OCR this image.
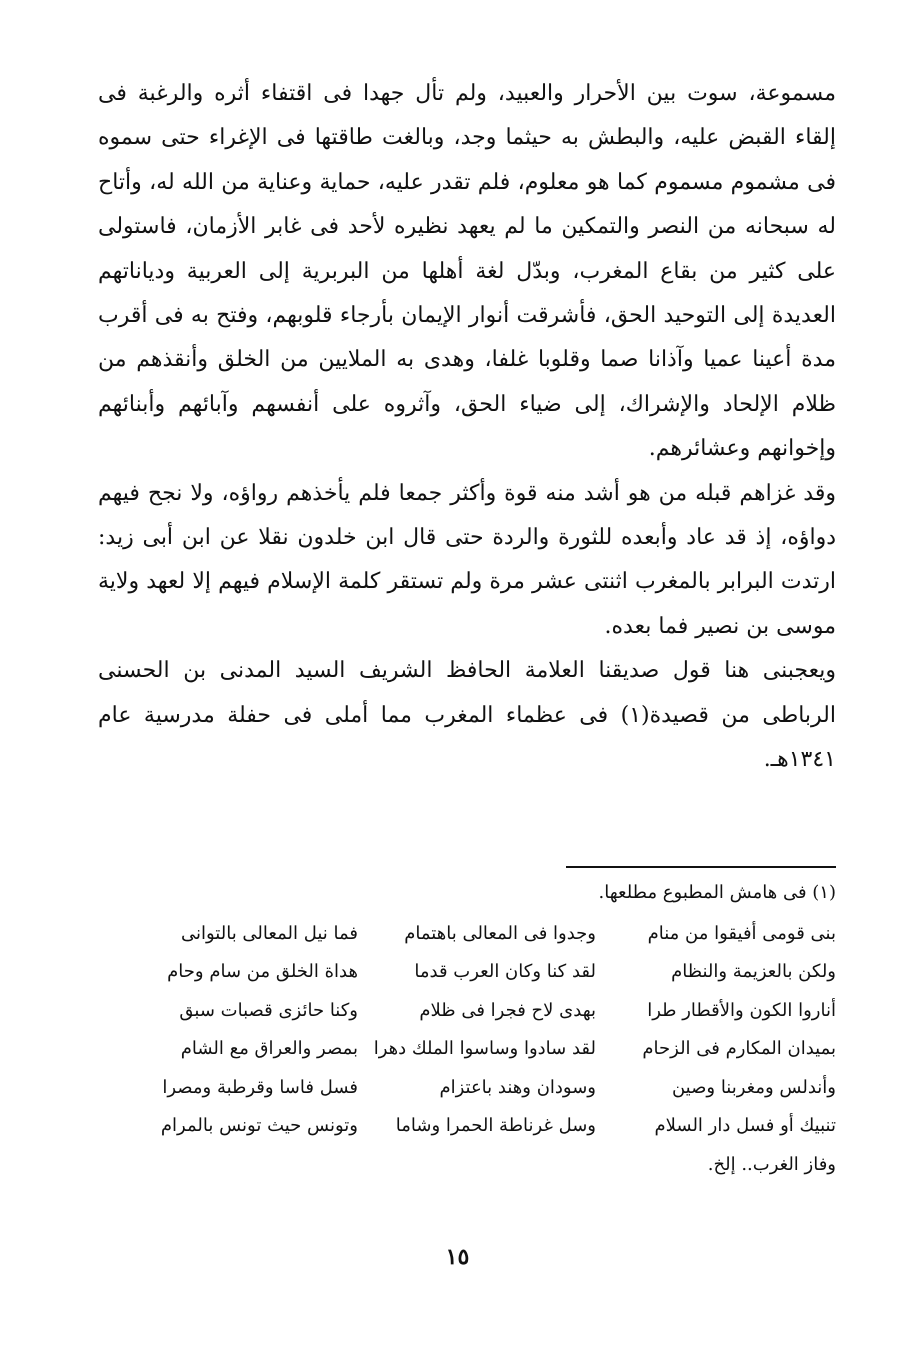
مسموعة، سوت بين الأحرار والعبيد، ولم تأل جهدا فى اقتفاء أثره والرغبة فى إلقاء القبض عليه، والبطش به حيثما وجد، وبالغت طاقتها فى الإغراء حتى سموه فى مشموم مسموم كما هو معلوم، فلم تقدر عليه، حماية وعناية من الله له، وأتاح له سبحانه من النصر والتمكين ما لم يعهد نظيره لأحد فى غابر الأزمان، فاستولى على كثير من بقاع المغرب، وبدّل لغة أهلها من البربرية إلى العربية ودياناتهم العديدة إلى التوحيد الحق، فأشرقت أنوار الإيمان بأرجاء قلوبهم، وفتح به فى أقرب مدة أعينا عميا وآذانا صما وقلوبا غلفا، وهدى به الملايين من الخلق وأنقذهم من ظلام الإلحاد والإشراك، إلى ضياء الحق، وآثروه على أنفسهم وآبائهم وأبنائهم وإخوانهم وعشائرهم.

وقد غزاهم قبله من هو أشد منه قوة وأكثر جمعا فلم يأخذهم رواؤه، ولا نجح فيهم دواؤه، إذ قد عاد وأبعده للثورة والردة حتى قال ابن خلدون نقلا عن ابن أبى زيد: ارتدت البرابر بالمغرب اثنتى عشر مرة ولم تستقر كلمة الإسلام فيهم إلا لعهد ولاية موسى بن نصير فما بعده.

ويعجبنى هنا قول صديقنا العلامة الحافظ الشريف السيد المدنى بن الحسنى الرباطى من قصيدة(١) فى عظماء المغرب مما أملى فى حفلة مدرسية عام ١٣٤١هـ.

(١) فى هامش المطبوع مطلعها.
بنى قومى أفيقوا من منام
وجدوا فى المعالى باهتمام
فما نيل المعالى بالتوانى
ولكن بالعزيمة والنظام
لقد كنا وكان العرب قدما
هداة الخلق من سام وحام
أناروا الكون والأقطار طرا
بهدى لاح فجرا فى ظلام
وكنا حائزى قصبات سبق
بميدان المكارم فى الزحام
لقد سادوا وساسوا الملك دهرا
بمصر والعراق مع الشام
وأندلس ومغربنا وصين
وسودان وهند باعتزام
فسل فاسا وقرطبة ومصرا
تنبيك أو فسل دار السلام
وسل غرناطة الحمرا وشاما
وتونس حيث تونس بالمرام
وفاز الغرب.. إلخ.
١٥
